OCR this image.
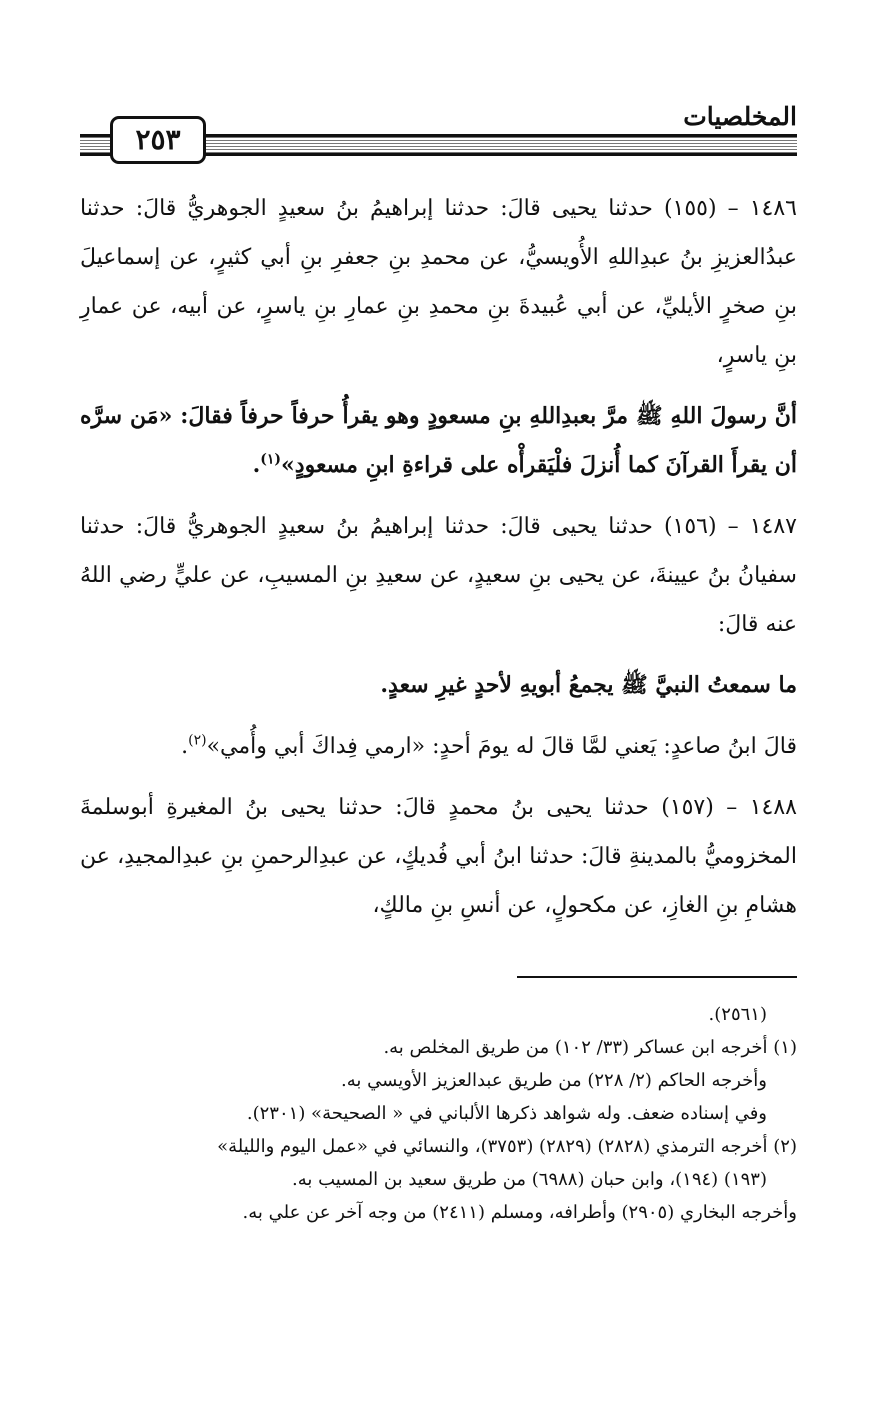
المخلصيات
٢٥٣

١٤٨٦ – (١٥٥) حدثنا يحيى قالَ: حدثنا إبراهيمُ بنُ سعيدٍ الجوهريُّ قالَ: حدثنا عبدُالعزيزِ بنُ عبدِاللهِ الأُويسيُّ، عن محمدِ بنِ جعفرِ بنِ أبي كثيرٍ، عن إسماعيلَ بنِ صخرٍ الأيليِّ، عن أبي عُبيدةَ بنِ محمدِ بنِ عمارِ بنِ ياسرٍ، عن أبيه، عن عمارِ بنِ ياسرٍ،

أنَّ رسولَ اللهِ ﷺ مرَّ بعبدِاللهِ بنِ مسعودٍ وهو يقرأُ حرفاً حرفاً فقالَ: «مَن سرَّه أن يقرأَ القرآنَ كما أُنزلَ فلْيَقرأْه على قراءةِ ابنِ مسعودٍ»$^{(١)}$.

١٤٨٧ – (١٥٦) حدثنا يحيى قالَ: حدثنا إبراهيمُ بنُ سعيدٍ الجوهريُّ قالَ: حدثنا سفيانُ بنُ عيينةَ، عن يحيى بنِ سعيدٍ، عن سعيدِ بنِ المسيبِ، عن عليٍّ رضي اللهُ عنه قالَ:

ما سمعتُ النبيَّ ﷺ يجمعُ أبويهِ لأحدٍ غيرِ سعدٍ.

قالَ ابنُ صاعدٍ: يَعني لمَّا قالَ له يومَ أحدٍ: «ارمي فِداكَ أبي وأُمي»$^{(٢)}$.

١٤٨٨ – (١٥٧) حدثنا يحيى بنُ محمدٍ قالَ: حدثنا يحيى بنُ المغيرةِ أبوسلمةَ المخزوميُّ بالمدينةِ قالَ: حدثنا ابنُ أبي فُديكٍ، عن عبدِالرحمنِ بنِ عبدِالمجيدِ، عن هشامِ بنِ الغازِ، عن مكحولٍ، عن أنسِ بنِ مالكٍ،

(٢٥٦١).

(١) أخرجه ابن عساكر (٣٣/ ١٠٢) من طريق المخلص به.

وأخرجه الحاكم (٢/ ٢٢٨) من طريق عبدالعزيز الأويسي به.

وفي إسناده ضعف. وله شواهد ذكرها الألباني في « الصحيحة» (٢٣٠١).

(٢) أخرجه الترمذي (٢٨٢٨) (٢٨٢٩) (٣٧٥٣)، والنسائي في «عمل اليوم والليلة»

(١٩٣) (١٩٤)، وابن حبان (٦٩٨٨) من طريق سعيد بن المسيب به.

وأخرجه البخاري (٢٩٠٥) وأطرافه، ومسلم (٢٤١١) من وجه آخر عن علي به.
